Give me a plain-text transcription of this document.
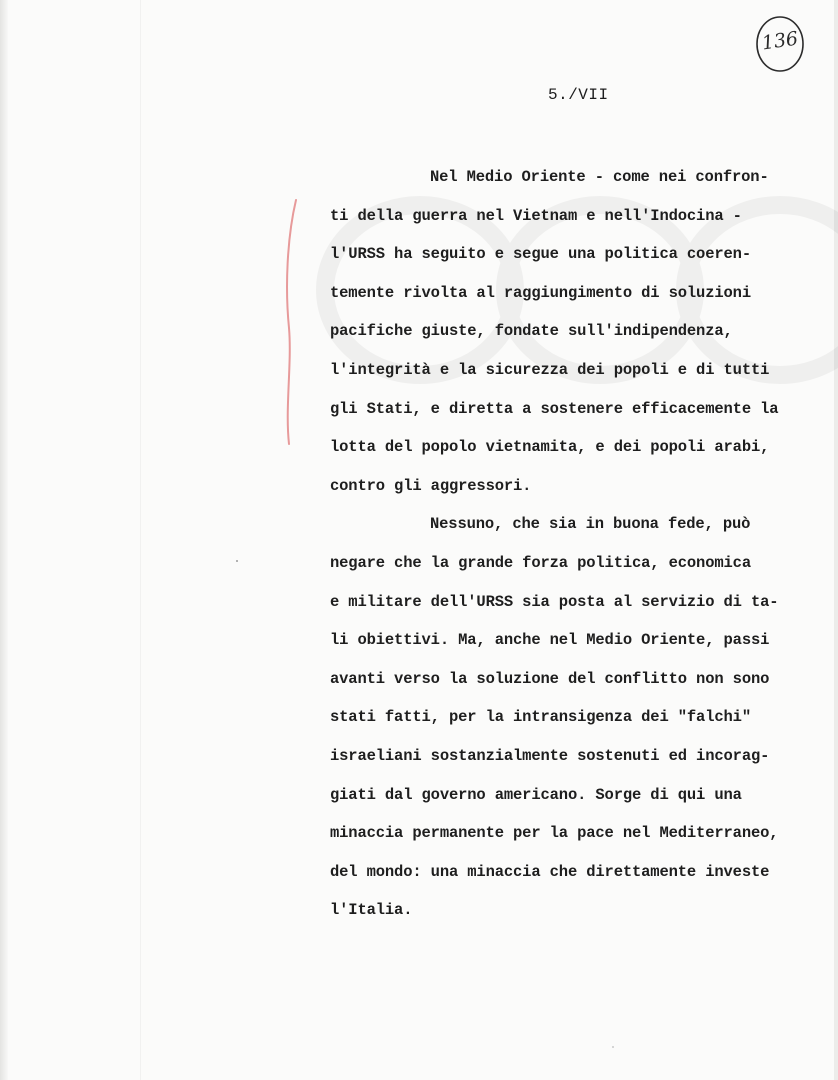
136
5./VII
Nel Medio Oriente - come nei confron-
ti della guerra nel Vietnam e nell'Indocina -
l'URSS ha seguito e segue una politica coeren-
temente rivolta al raggiungimento di soluzioni
pacifiche giuste, fondate sull'indipendenza,
l'integrità e la sicurezza dei popoli e di tutti
gli Stati, e diretta a sostenere efficacemente la
lotta del popolo vietnamita, e dei popoli arabi,
contro gli aggressori.
Nessuno, che sia in buona fede, può
negare che la grande forza politica, economica
e militare dell'URSS sia posta al servizio di ta-
li obiettivi. Ma, anche nel Medio Oriente, passi
avanti verso la soluzione del conflitto non sono
stati fatti, per la intransigenza dei "falchi"
israeliani sostanzialmente sostenuti ed incorag-
giati dal governo americano. Sorge di qui una
minaccia permanente per la pace nel Mediterraneo,
del mondo: una minaccia che direttamente investe
l'Italia.
